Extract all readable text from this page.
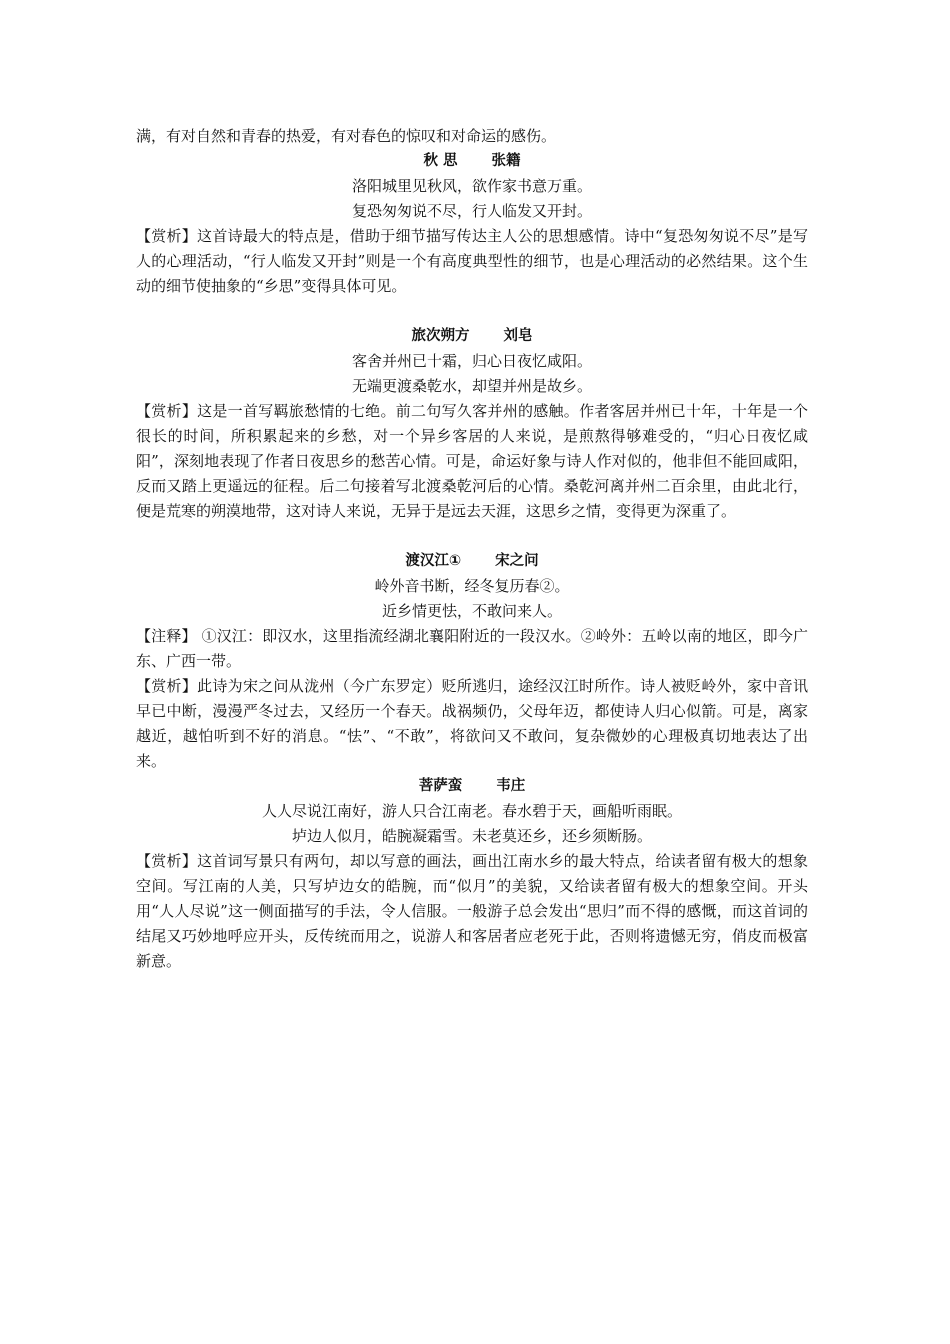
满，有对自然和青春的热爱，有对春色的惊叹和对命运的感伤。

秋 思 张籍

洛阳城里见秋风，欲作家书意万重。

复恐匆匆说不尽，行人临发又开封。

【赏析】这首诗最大的特点是，借助于细节描写传达主人公的思想感情。诗中“复恐匆匆说不尽”是写人的心理活动，“行人临发又开封”则是一个有高度典型性的细节，也是心理活动的必然结果。这个生动的细节使抽象的“乡思”变得具体可见。

旅次朔方 刘皂

客舍并州已十霜，归心日夜忆咸阳。

无端更渡桑乾水，却望并州是故乡。

【赏析】这是一首写羁旅愁情的七绝。前二句写久客并州的感触。作者客居并州已十年，十年是一个很长的时间，所积累起来的乡愁，对一个异乡客居的人来说，是煎熬得够难受的，“归心日夜忆咸阳”，深刻地表现了作者日夜思乡的愁苦心情。可是，命运好象与诗人作对似的，他非但不能回咸阳，反而又踏上更遥远的征程。后二句接着写北渡桑乾河后的心情。桑乾河离并州二百余里，由此北行，便是荒寒的朔漠地带，这对诗人来说，无异于是远去天涯，这思乡之情，变得更为深重了。

渡汉江① 宋之问

岭外音书断，经冬复历春②。

近乡情更怯，不敢问来人。

【注释】 ①汉江：即汉水，这里指流经湖北襄阳附近的一段汉水。②岭外：五岭以南的地区，即今广东、广西一带。

【赏析】此诗为宋之问从泷州（今广东罗定）贬所逃归，途经汉江时所作。诗人被贬岭外，家中音讯早已中断，漫漫严冬过去，又经历一个春天。战祸频仍，父母年迈，都使诗人归心似箭。可是，离家越近，越怕听到不好的消息。“怯”、“不敢”，将欲问又不敢问，复杂微妙的心理极真切地表达了出来。

菩萨蛮 韦庄

人人尽说江南好，游人只合江南老。春水碧于天，画船听雨眠。

垆边人似月，皓腕凝霜雪。未老莫还乡，还乡须断肠。

【赏析】这首词写景只有两句，却以写意的画法，画出江南水乡的最大特点，给读者留有极大的想象空间。写江南的人美，只写垆边女的皓腕，而“似月”的美貌，又给读者留有极大的想象空间。开头用“人人尽说”这一侧面描写的手法，令人信服。一般游子总会发出“思归”而不得的感慨，而这首词的结尾又巧妙地呼应开头，反传统而用之，说游人和客居者应老死于此，否则将遗憾无穷，俏皮而极富新意。
